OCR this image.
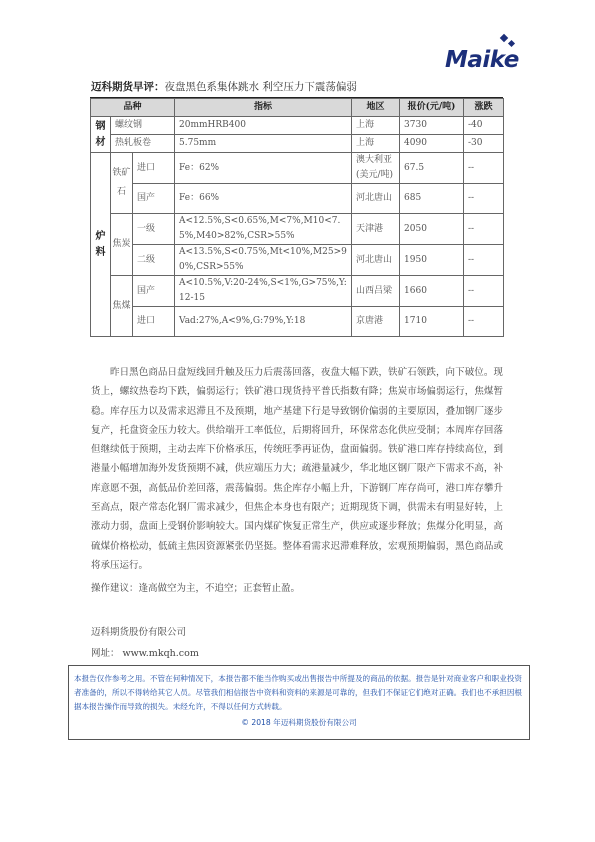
Maike
迈科期货早评：夜盘黑色系集体跳水 利空压力下震荡偏弱
品种			指标	地区	报价(元/吨)	涨跌
钢材	螺纹钢		20mmHRB400	上海	3730	-40
	热轧板卷		5.75mm	上海	4090	-30
炉料	铁矿石	进口	Fe：62%	澳大利亚(美元/吨)	67.5	--
		国产	Fe：66%	河北唐山	685	--
	焦炭	一级	A<12.5%,S<0.65%,M<7%,M10<7.5%,M40>82%,CSR>55%	天津港	2050	--
		二级	A<13.5%,S<0.75%,Mt<10%,M25>90%,CSR>55%	河北唐山	1950	--
	焦煤	国产	A<10.5%,V:20-24%,S<1%,G>75%,Y:12-15	山西吕梁	1660	--
		进口	Vad:27%,A<9%,G:79%,Y:18	京唐港	1710	--
昨日黑色商品日盘短线回升触及压力后震荡回落，夜盘大幅下跌，铁矿石领跌，向下破位。现货上，螺纹热卷均下跌，偏弱运行；铁矿港口现货持平普氏指数有降；焦炭市场偏弱运行，焦煤暂稳。库存压力以及需求迟滞且不及预期，地产基建下行是导致钢价偏弱的主要原因，叠加钢厂逐步复产，托盘资金压力较大。供给端开工率低位，后期将回升，环保常态化供应受制；本周库存回落但继续低于预期，主动去库下价格承压，传统旺季再证伪，盘面偏弱。铁矿港口库存持续高位，到港量小幅增加海外发货预期不减，供应端压力大；疏港量减少，华北地区钢厂限产下需求不高，补库意愿不强，高低品价差回落，震荡偏弱。焦企库存小幅上升，下游钢厂库存尚可，港口库存攀升至高点，限产常态化钢厂需求减少，但焦企本身也有限产；近期现货下调，供需未有明显好转，上涨动力弱，盘面上受钢价影响较大。国内煤矿恢复正常生产，供应或逐步释放；焦煤分化明显，高硫煤价格松动，低硫主焦因资源紧张仍坚挺。整体看需求迟滞难释放，宏观预期偏弱，黑色商品或将承压运行。
操作建议：逢高做空为主，不追空；正套暂止盈。
迈科期货股份有限公司
网址： www.mkqh.com
本报告仅作参考之用。不管在何种情况下，本报告都不能当作购买或出售报告中所提及的商品的依据。报告是针对商业客户和职业投资者准备的，所以不得转给其它人员。尽管我们相信报告中资料和资料的来源是可靠的，但我们不保证它们绝对正确。我们也不承担因根据本报告操作而导致的损失。未经允许，不得以任何方式转载。
© 2018 年迈科期货股份有限公司
